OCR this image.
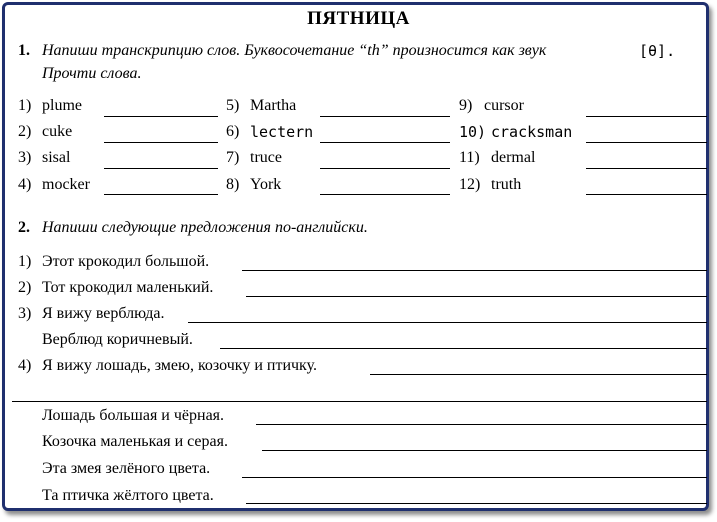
ПЯТНИЦА
1. Напиши транскрипцию слов. Буквосочетание “th” произносится как звук	[θ].
Прочти слова.
1) plume
2) cuke
3) sisal
4) mocker
5) Martha
6) lectern
7) truce
8) York
9) cursor
10) cracksman
11) dermal
12) truth
2. Напиши следующие предложения по-английски.
1) Этот крокодил большой.
2) Тот крокодил маленький.
3) Я вижу верблюда.
Верблюд коричневый.
4) Я вижу лошадь, змею, козочку и птичку.
Лошадь большая и чёрная.
Козочка маленькая и серая.
Эта змея зелёного цвета.
Та птичка жёлтого цвета.
